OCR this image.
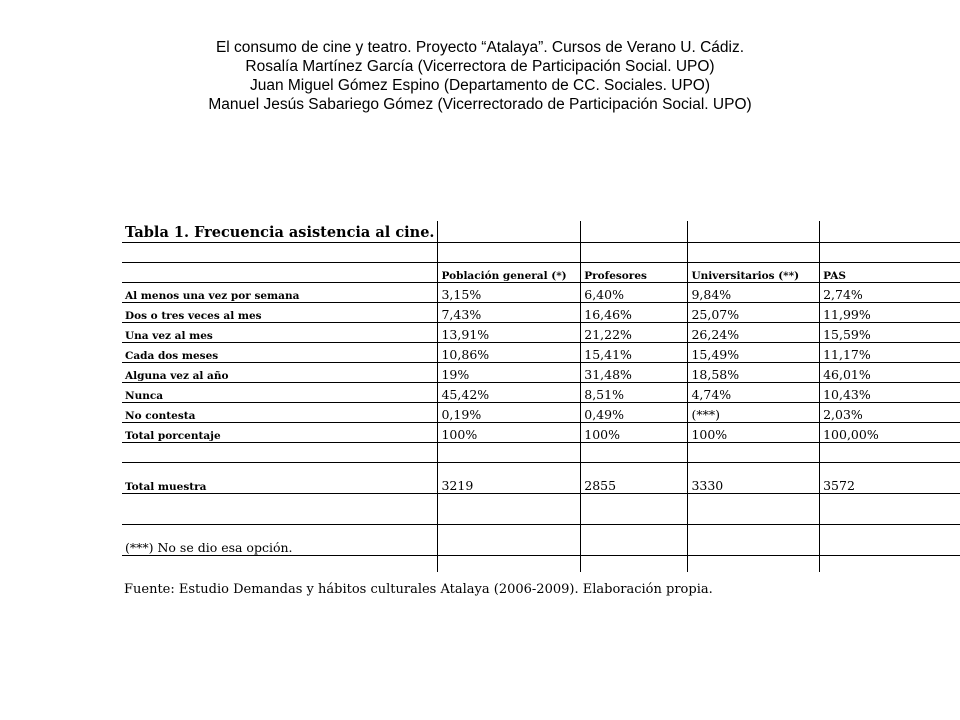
El consumo de cine y teatro. Proyecto “Atalaya”. Cursos de Verano U. Cádiz.
Rosalía Martínez García (Vicerrectora de Participación Social. UPO)
Juan Miguel Gómez Espino (Departamento de CC. Sociales. UPO)
Manuel Jesús Sabariego Gómez (Vicerrectorado de Participación Social. UPO)
Tabla 1. Frecuencia asistencia al cine.				

	Población general (*)	Profesores	Universitarios (**)	PAS
Al menos una vez por semana	3,15%	6,40%	9,84%	2,74%
Dos o tres veces al mes	7,43%	16,46%	25,07%	11,99%
Una vez al mes	13,91%	21,22%	26,24%	15,59%
Cada dos meses	10,86%	15,41%	15,49%	11,17%
Alguna vez al año	19%	31,48%	18,58%	46,01%
Nunca	45,42%	8,51%	4,74%	10,43%
No contesta	0,19%	0,49%	(***)	2,03%
Total porcentaje	100%	100%	100%	100,00%

Total muestra	3219	2855	3330	3572

(***) No se dio esa opción.				

Fuente: Estudio Demandas y hábitos culturales Atalaya (2006-2009). Elaboración propia.
